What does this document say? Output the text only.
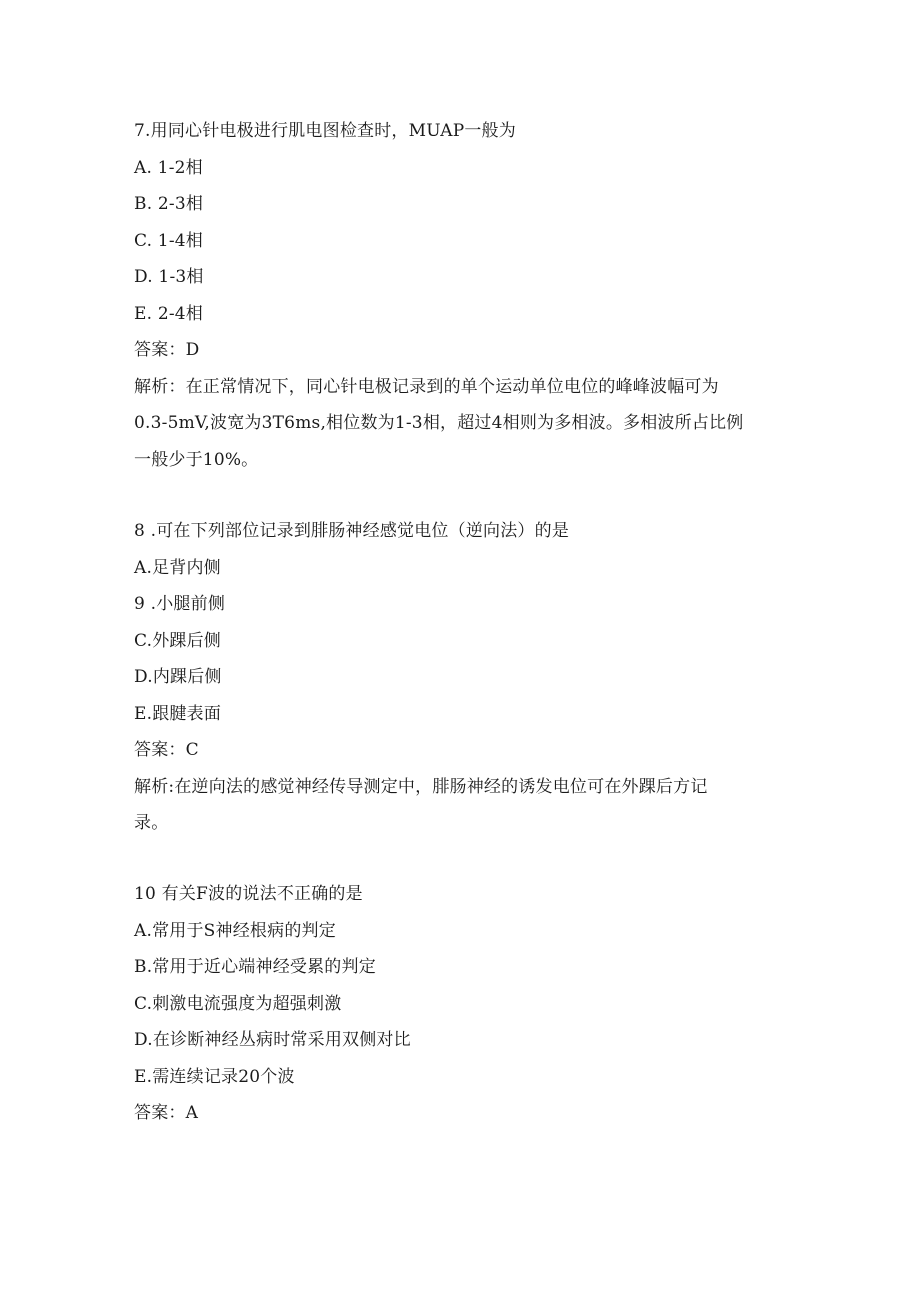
7.用同心针电极进行肌电图检查时，MUAP一般为
A. 1-2相
B. 2-3相
C. 1-4相
D. 1-3相
E. 2-4相
答案：D
解析：在正常情况下，同心针电极记录到的单个运动单位电位的峰峰波幅可为
0.3-5mV,波宽为3T6ms,相位数为1-3相，超过4相则为多相波。多相波所占比例
一般少于10%。
8 .可在下列部位记录到腓肠神经感觉电位（逆向法）的是
A.足背内侧
9 .小腿前侧
C.外踝后侧
D.内踝后侧
E.跟腱表面
答案：C
解析:在逆向法的感觉神经传导测定中，腓肠神经的诱发电位可在外踝后方记
录。
10 有关F波的说法不正确的是
A.常用于S神经根病的判定
B.常用于近心端神经受累的判定
C.刺激电流强度为超强刺激
D.在诊断神经丛病时常采用双侧对比
E.需连续记录20个波
答案：A
